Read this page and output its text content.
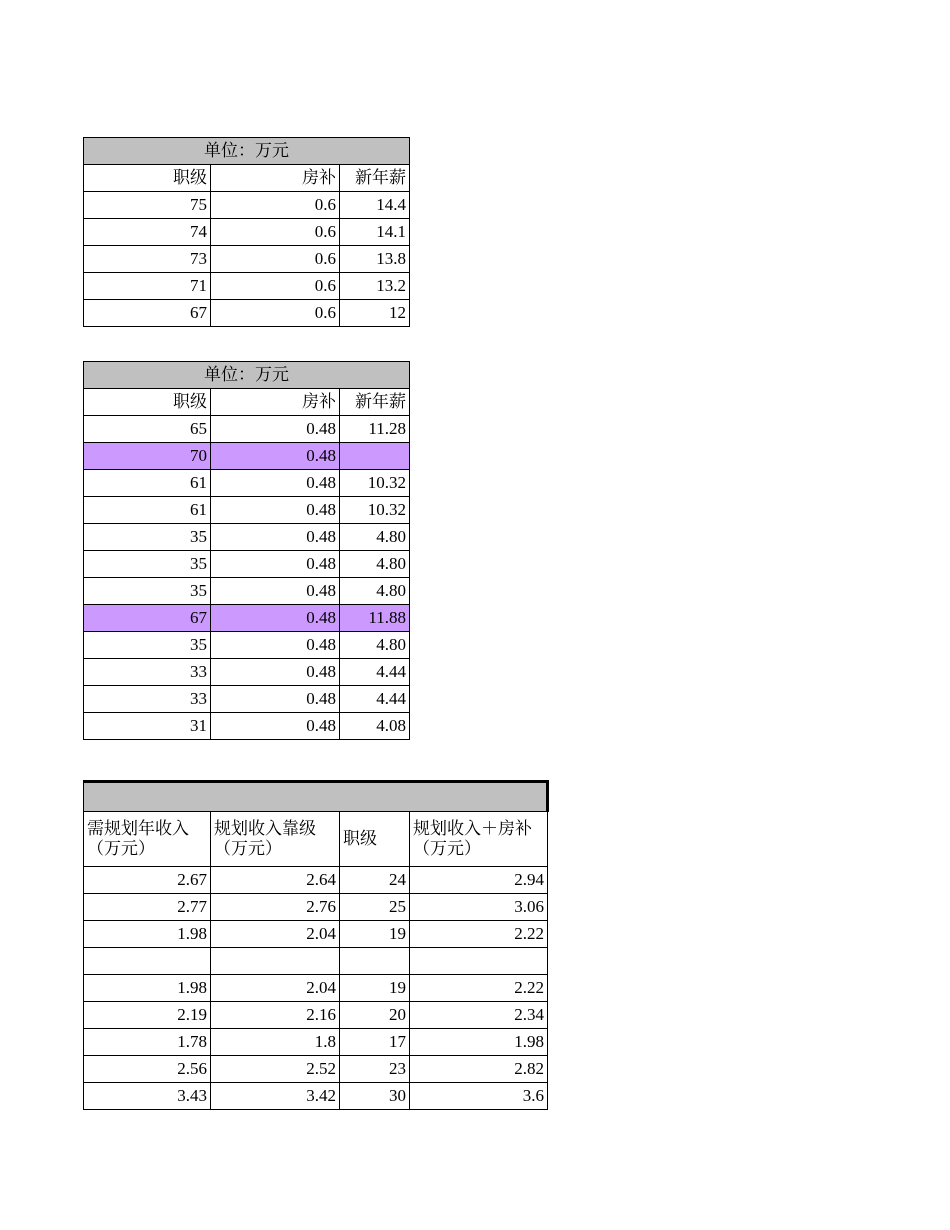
单位：万元		
职级	房补	新年薪
75	0.6	14.4
74	0.6	14.1
73	0.6	13.8
71	0.6	13.2
67	0.6	12
单位：万元		
职级	房补	新年薪
65	0.48	11.28
70	0.48	
61	0.48	10.32
61	0.48	10.32
35	0.48	4.80
35	0.48	4.80
35	0.48	4.80
67	0.48	11.88
35	0.48	4.80
33	0.48	4.44
33	0.48	4.44
31	0.48	4.08

需规划年收入（万元）	规划收入靠级（万元）	职级	规划收入＋房补（万元）
2.67	2.64	24	2.94
2.77	2.76	25	3.06
1.98	2.04	19	2.22

1.98	2.04	19	2.22
2.19	2.16	20	2.34
1.78	1.8	17	1.98
2.56	2.52	23	2.82
3.43	3.42	30	3.6
